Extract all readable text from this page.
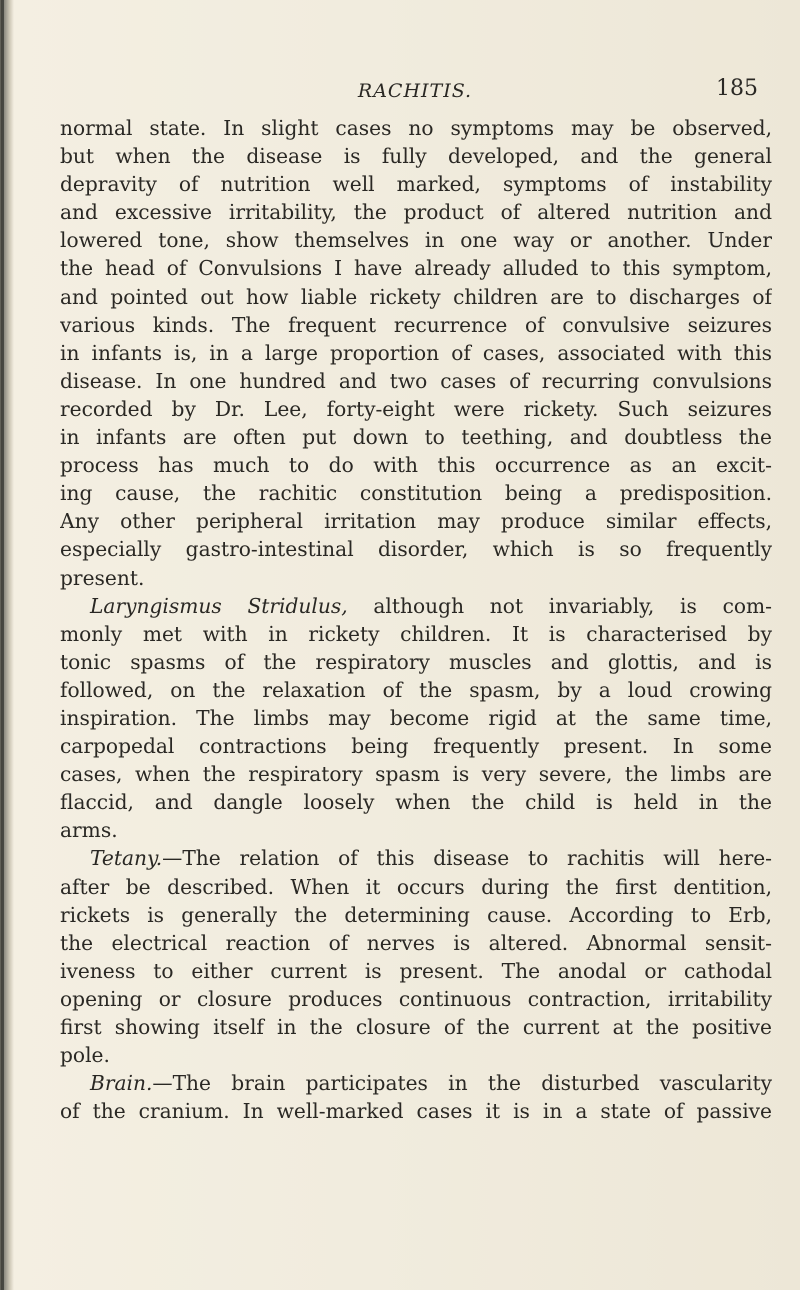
RACHITIS.	185
normal state. In slight cases no symptoms may be observed,
but when the disease is fully developed, and the general
depravity of nutrition well marked, symptoms of instability
and excessive irritability, the product of altered nutrition and
lowered tone, show themselves in one way or another. Under
the head of Convulsions I have already alluded to this symptom,
and pointed out how liable rickety children are to discharges of
various kinds. The frequent recurrence of convulsive seizures
in infants is, in a large proportion of cases, associated with this
disease. In one hundred and two cases of recurring convulsions
recorded by Dr. Lee, forty-eight were rickety. Such seizures
in infants are often put down to teething, and doubtless the
process has much to do with this occurrence as an excit-
ing cause, the rachitic constitution being a predisposition.
Any other peripheral irritation may produce similar effects,
especially gastro-intestinal disorder, which is so frequently
present.
Laryngismus Stridulus, although not invariably, is com-
monly met with in rickety children. It is characterised by
tonic spasms of the respiratory muscles and glottis, and is
followed, on the relaxation of the spasm, by a loud crowing
inspiration. The limbs may become rigid at the same time,
carpopedal contractions being frequently present. In some
cases, when the respiratory spasm is very severe, the limbs are
flaccid, and dangle loosely when the child is held in the
arms.
Tetany.—The relation of this disease to rachitis will here-
after be described. When it occurs during the first dentition,
rickets is generally the determining cause. According to Erb,
the electrical reaction of nerves is altered. Abnormal sensit-
iveness to either current is present. The anodal or cathodal
opening or closure produces continuous contraction, irritability
first showing itself in the closure of the current at the positive
pole.
Brain.—The brain participates in the disturbed vascularity
of the cranium. In well-marked cases it is in a state of passive
